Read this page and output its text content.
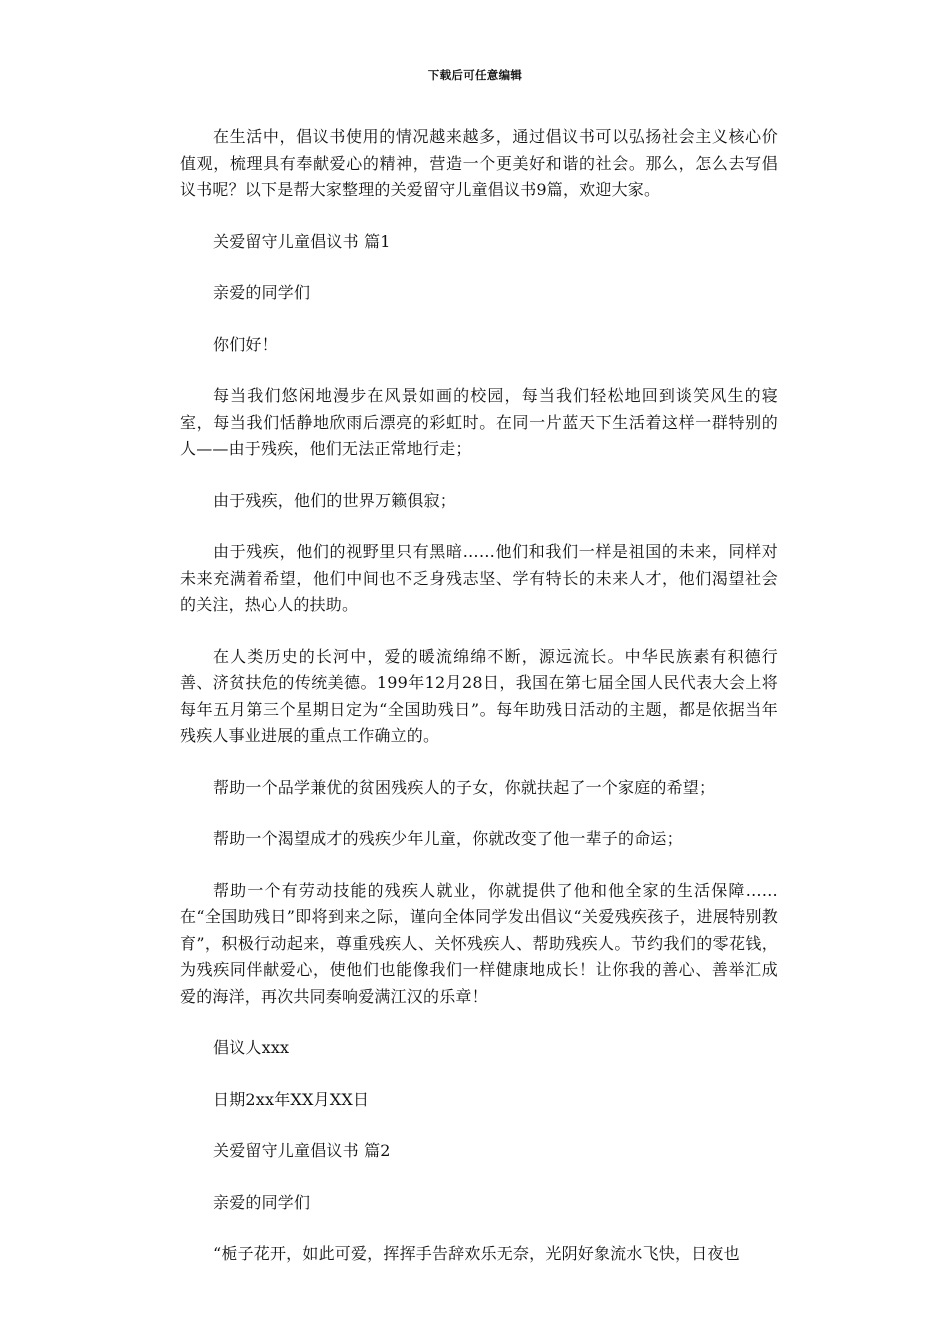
下载后可任意编辑

在生活中，倡议书使用的情况越来越多，通过倡议书可以弘扬社会主义核心价值观，梳理具有奉献爱心的精神，营造一个更美好和谐的社会。那么，怎么去写倡议书呢？以下是帮大家整理的关爱留守儿童倡议书9篇，欢迎大家。

关爱留守儿童倡议书 篇1

亲爱的同学们

你们好！

每当我们悠闲地漫步在风景如画的校园，每当我们轻松地回到谈笑风生的寝室，每当我们恬静地欣雨后漂亮的彩虹时。在同一片蓝天下生活着这样一群特别的人——由于残疾，他们无法正常地行走；

由于残疾，他们的世界万籁俱寂；

由于残疾，他们的视野里只有黑暗……他们和我们一样是祖国的未来，同样对未来充满着希望，他们中间也不乏身残志坚、学有特长的未来人才，他们渴望社会的关注，热心人的扶助。

在人类历史的长河中，爱的暖流绵绵不断，源远流长。中华民族素有积德行善、济贫扶危的传统美德。199年12月28日，我国在第七届全国人民代表大会上将每年五月第三个星期日定为“全国助残日”。每年助残日活动的主题，都是依据当年残疾人事业进展的重点工作确立的。

帮助一个品学兼优的贫困残疾人的子女，你就扶起了一个家庭的希望；

帮助一个渴望成才的残疾少年儿童，你就改变了他一辈子的命运；

帮助一个有劳动技能的残疾人就业，你就提供了他和他全家的生活保障……在“全国助残日”即将到来之际，谨向全体同学发出倡议“关爱残疾孩子，进展特别教育”，积极行动起来，尊重残疾人、关怀残疾人、帮助残疾人。节约我们的零花钱，为残疾同伴献爱心，使他们也能像我们一样健康地成长！让你我的善心、善举汇成爱的海洋，再次共同奏响爱满江汉的乐章！

倡议人xxx

日期2xx年XX月XX日

关爱留守儿童倡议书 篇2

亲爱的同学们

“栀子花开，如此可爱，挥挥手告辞欢乐无奈，光阴好象流水飞快，日夜也
